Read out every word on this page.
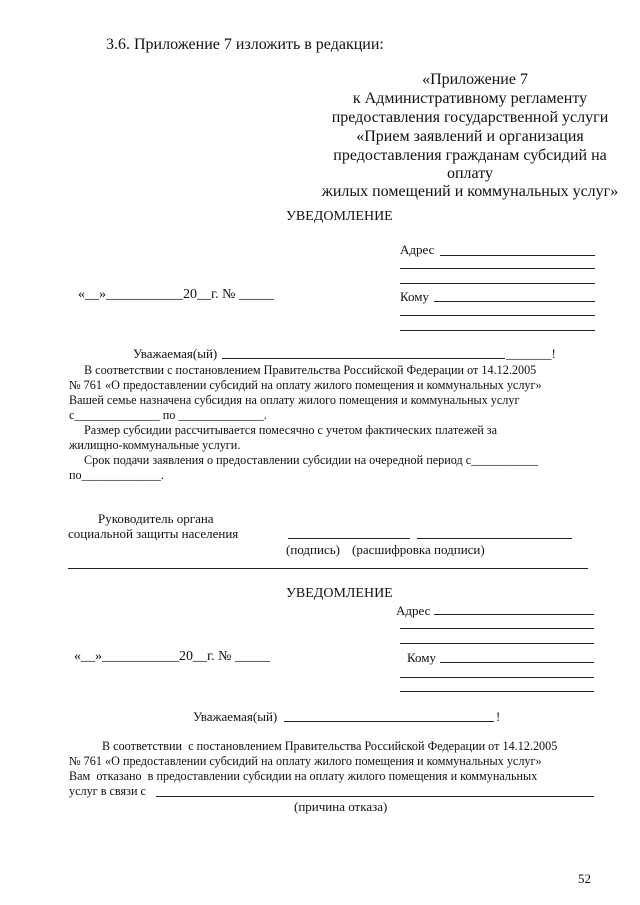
3.6. Приложение 7 изложить в редакции:
«Приложение 7
к Административному регламенту
предоставления государственной услуги
«Прием заявлений и организация
предоставления гражданам субсидий на
оплату
жилых помещений и коммунальных услуг»
УВЕДОМЛЕНИЕ
Адрес
«__»___________20__г. № _____	Кому
Уважаемая(ый)	_______!
В соответствии с постановлением Правительства Российской Федерации от 14.12.2005
№ 761 «О предоставлении субсидий на оплату жилого помещения и коммунальных услуг»
Вашей семье назначена субсидия на оплату жилого помещения и коммунальных услуг
с______________ по ______________.
Размер субсидии рассчитывается помесячно с учетом фактических платежей за
жилищно-коммунальные услуги.
Срок подачи заявления о предоставлении субсидии на очередной период с___________
по_____________.
Руководитель органа
социальной защиты населения
(подпись) (расшифровка подписи)
УВЕДОМЛЕНИЕ
Адрес
«__»___________20__г. № _____	Кому
Уважаемая(ый)	!
В соответствии  с постановлением Правительства Российской Федерации от 14.12.2005
№ 761 «О предоставлении субсидий на оплату жилого помещения и коммунальных услуг»
Вам  отказано  в предоставлении субсидии на оплату жилого помещения и коммунальных
услуг в связи с
(причина отказа)
52
